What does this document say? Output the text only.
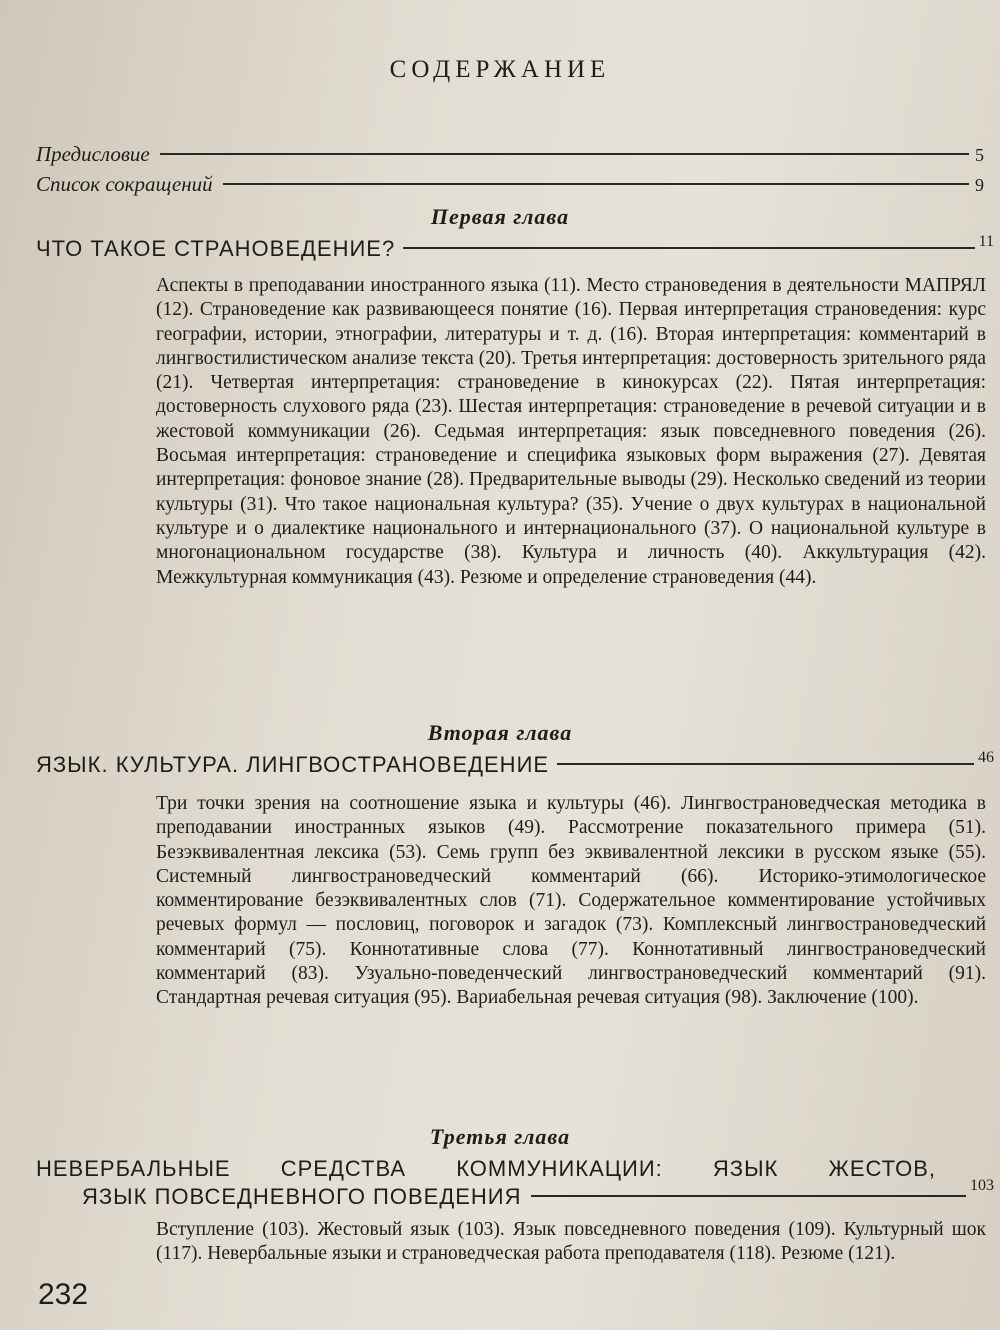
СОДЕРЖАНИЕ
Предисловие	5
Список сокращений	9
Первая глава
ЧТО ТАКОЕ СТРАНОВЕДЕНИЕ?	11
Аспекты в преподавании иностранного языка (11). Место страноведения в деятельности МАПРЯЛ (12). Страноведение как развивающееся понятие (16). Первая интерпретация страноведения: курс географии, истории, этнографии, литературы и т. д. (16). Вторая интерпретация: комментарий в лингвостилистическом анализе текста (20). Третья интерпретация: достоверность зрительного ряда (21). Четвертая интерпретация: страноведение в кинокурсах (22). Пятая интерпретация: достоверность слухового ряда (23). Шестая интерпретация: страноведение в речевой ситуации и в жестовой коммуникации (26). Седьмая интерпретация: язык повседневного поведения (26). Восьмая интерпретация: страноведение и специфика языковых форм выражения (27). Девятая интерпретация: фоновое знание (28). Предварительные выводы (29). Несколько сведений из теории культуры (31). Что такое национальная культура? (35). Учение о двух культурах в национальной культуре и о диалектике национального и интернационального (37). О национальной культуре в многонациональном государстве (38). Культура и личность (40). Аккультурация (42). Межкультурная коммуникация (43). Резюме и определение страноведения (44).
Вторая глава
ЯЗЫК. КУЛЬТУРА. ЛИНГВОСТРАНОВЕДЕНИЕ	46
Три точки зрения на соотношение языка и культуры (46). Лингвострановедческая методика в преподавании иностранных языков (49). Рассмотрение показательного примера (51). Безэквивалентная лексика (53). Семь групп без эквивалентной лексики в русском языке (55). Системный лингвострановедческий комментарий (66). Историко-этимологическое комментирование безэквивалентных слов (71). Содержательное комментирование устойчивых речевых формул — пословиц, поговорок и загадок (73). Комплексный лингвострановедческий комментарий (75). Коннотативные слова (77). Коннотативный лингвострановедческий комментарий (83). Узуально-поведенческий лингвострановедческий комментарий (91). Стандартная речевая ситуация (95). Вариабельная речевая ситуация (98). Заключение (100).
Третья глава
НЕВЕРБАЛЬНЫЕ СРЕДСТВА КОММУНИКАЦИИ: ЯЗЫК ЖЕСТОВ,
ЯЗЫК ПОВСЕДНЕВНОГО ПОВЕДЕНИЯ	103
Вступление (103). Жестовый язык (103). Язык повседневного поведения (109). Культурный шок (117). Невербальные языки и страноведческая работа преподавателя (118). Резюме (121).
232
